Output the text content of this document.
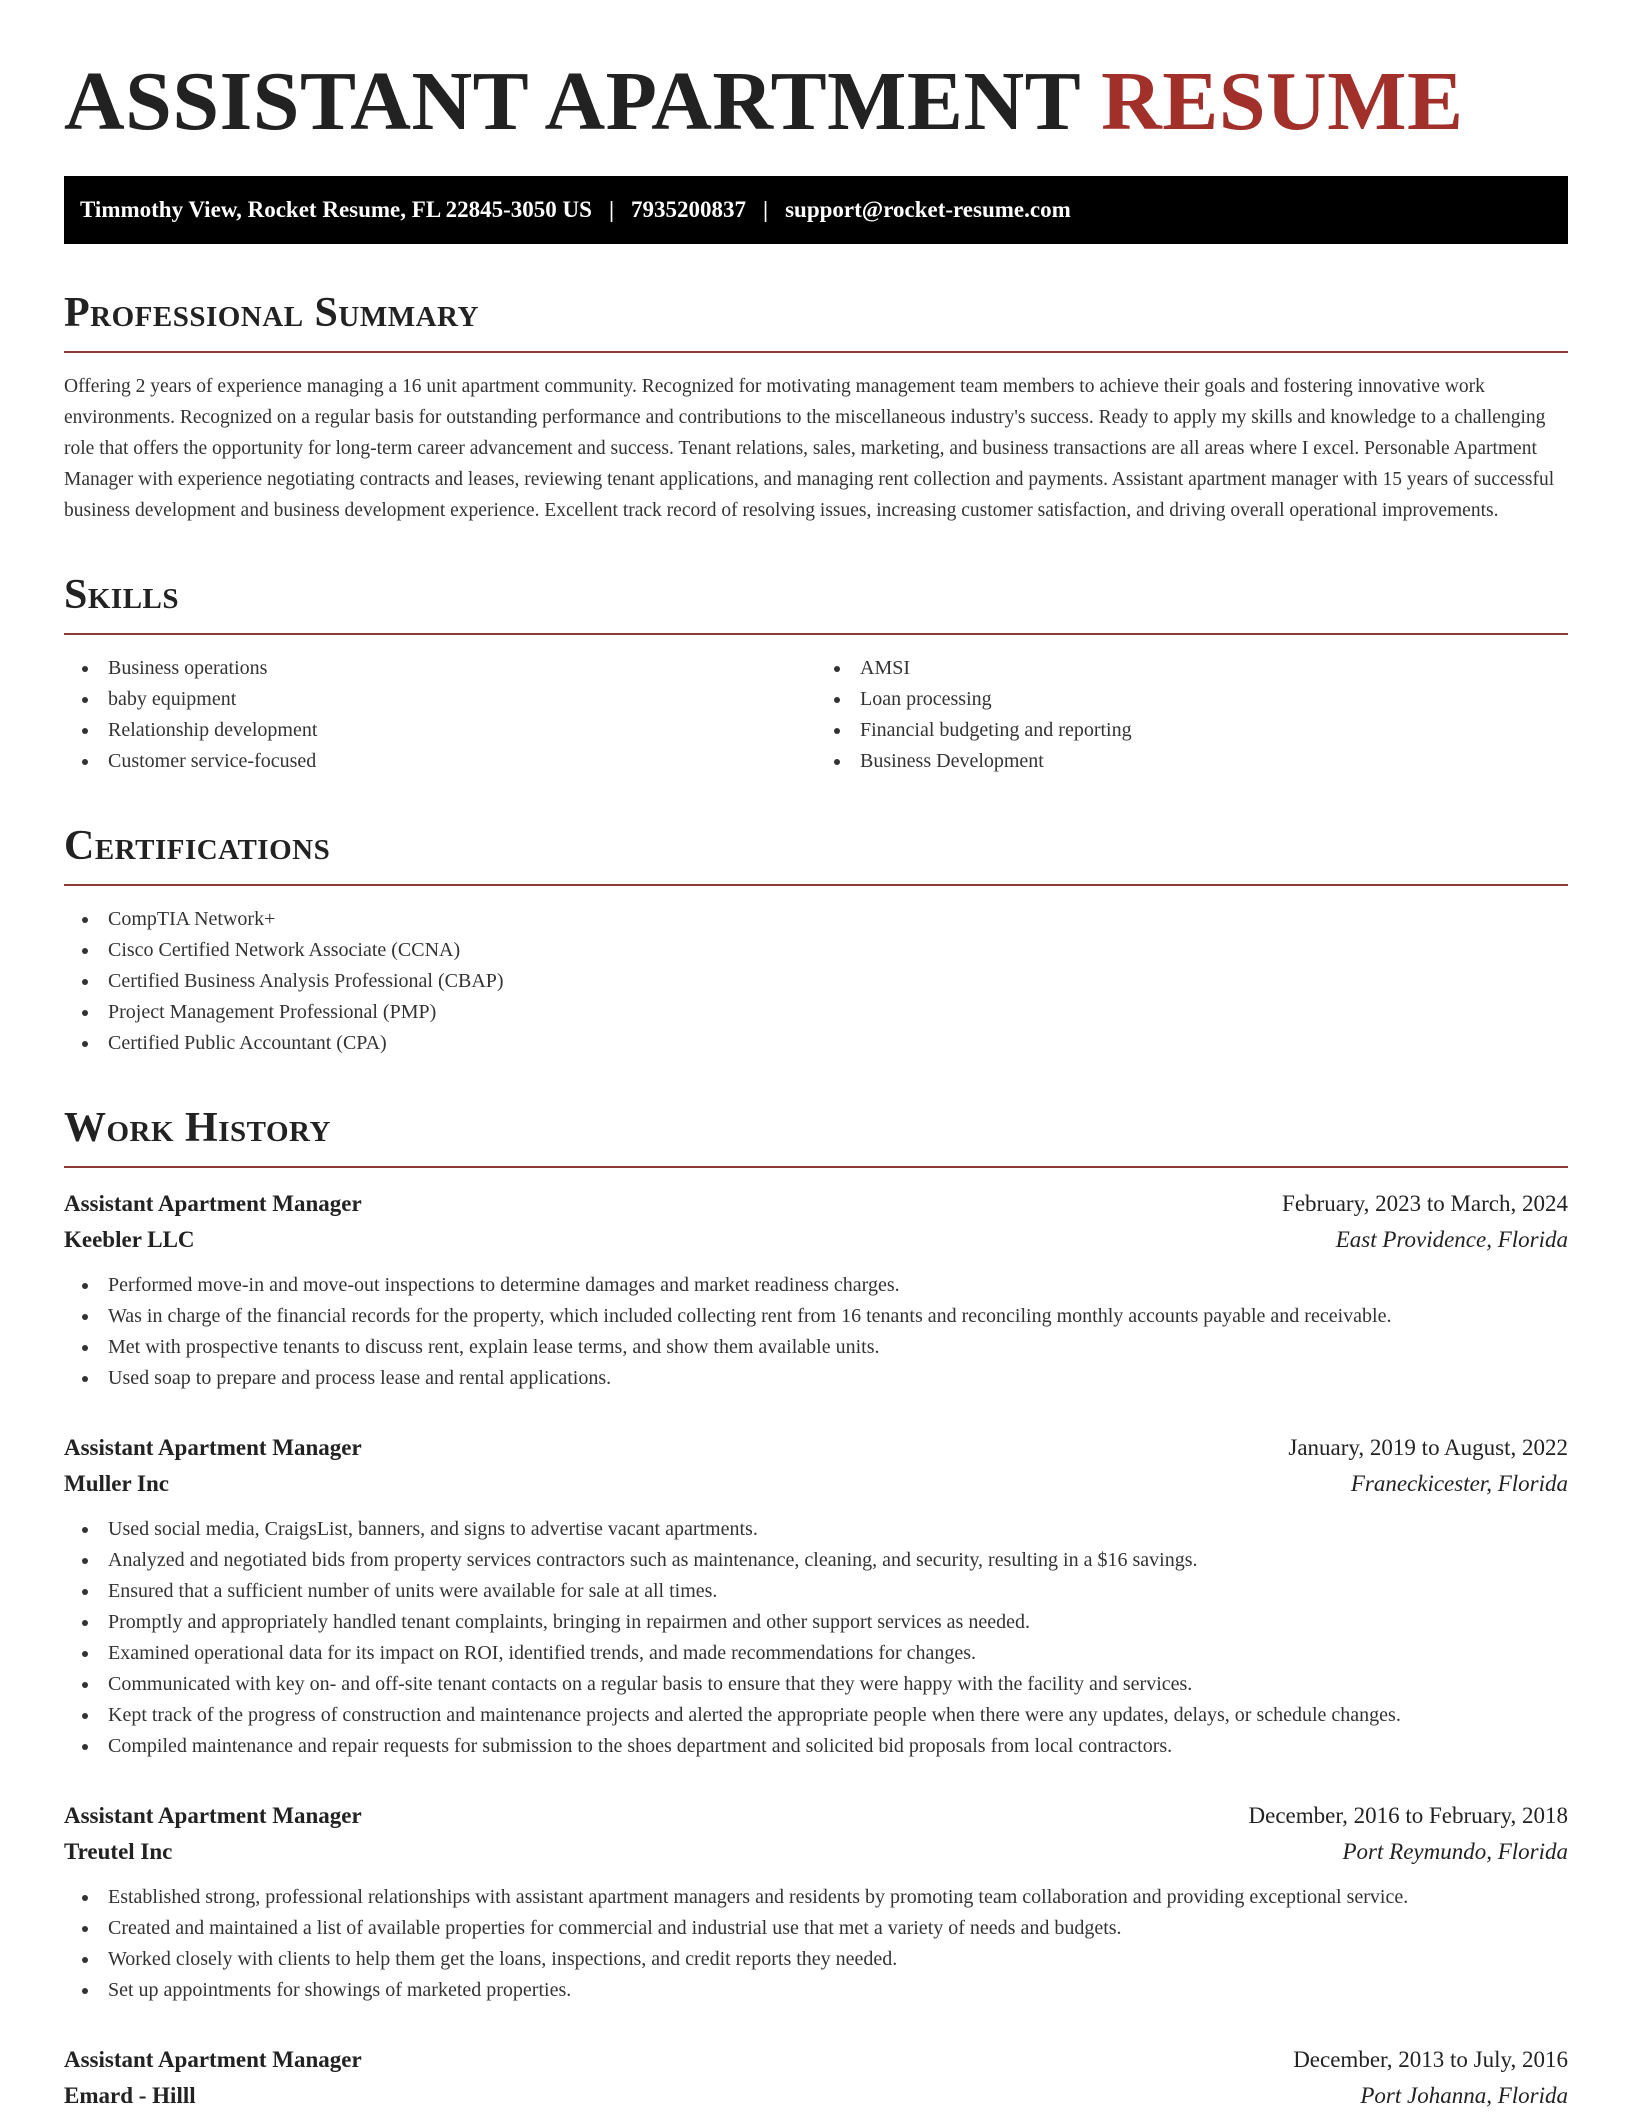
ASSISTANT APARTMENT RESUME
Timmothy View, Rocket Resume, FL 22845-3050 US | 7935200837 | support@rocket-resume.com
Professional Summary

Offering 2 years of experience managing a 16 unit apartment community. Recognized for motivating management team members to achieve their goals and fostering innovative work environments. Recognized on a regular basis for outstanding performance and contributions to the miscellaneous industry's success. Ready to apply my skills and knowledge to a challenging role that offers the opportunity for long-term career advancement and success. Tenant relations, sales, marketing, and business transactions are all areas where I excel. Personable Apartment Manager with experience negotiating contracts and leases, reviewing tenant applications, and managing rent collection and payments. Assistant apartment manager with 15 years of successful business development and business development experience. Excellent track record of resolving issues, increasing customer satisfaction, and driving overall operational improvements.

Skills
Business operations
baby equipment
Relationship development
Customer service-focused
AMSI
Loan processing
Financial budgeting and reporting
Business Development
Certifications
CompTIA Network+
Cisco Certified Network Associate (CCNA)
Certified Business Analysis Professional (CBAP)
Project Management Professional (PMP)
Certified Public Accountant (CPA)
Work History
Assistant Apartment Manager	February, 2023 to March, 2024
Keebler LLC	East Providence, Florida
Performed move-in and move-out inspections to determine damages and market readiness charges.
Was in charge of the financial records for the property, which included collecting rent from 16 tenants and reconciling monthly accounts payable and receivable.
Met with prospective tenants to discuss rent, explain lease terms, and show them available units.
Used soap to prepare and process lease and rental applications.
Assistant Apartment Manager	January, 2019 to August, 2022
Muller Inc	Franeckicester, Florida
Used social media, CraigsList, banners, and signs to advertise vacant apartments.
Analyzed and negotiated bids from property services contractors such as maintenance, cleaning, and security, resulting in a $16 savings.
Ensured that a sufficient number of units were available for sale at all times.
Promptly and appropriately handled tenant complaints, bringing in repairmen and other support services as needed.
Examined operational data for its impact on ROI, identified trends, and made recommendations for changes.
Communicated with key on- and off-site tenant contacts on a regular basis to ensure that they were happy with the facility and services.
Kept track of the progress of construction and maintenance projects and alerted the appropriate people when there were any updates, delays, or schedule changes.
Compiled maintenance and repair requests for submission to the shoes department and solicited bid proposals from local contractors.
Assistant Apartment Manager	December, 2016 to February, 2018
Treutel Inc	Port Reymundo, Florida
Established strong, professional relationships with assistant apartment managers and residents by promoting team collaboration and providing exceptional service.
Created and maintained a list of available properties for commercial and industrial use that met a variety of needs and budgets.
Worked closely with clients to help them get the loans, inspections, and credit reports they needed.
Set up appointments for showings of marketed properties.
Assistant Apartment Manager	December, 2013 to July, 2016
Emard - Hilll	Port Johanna, Florida
